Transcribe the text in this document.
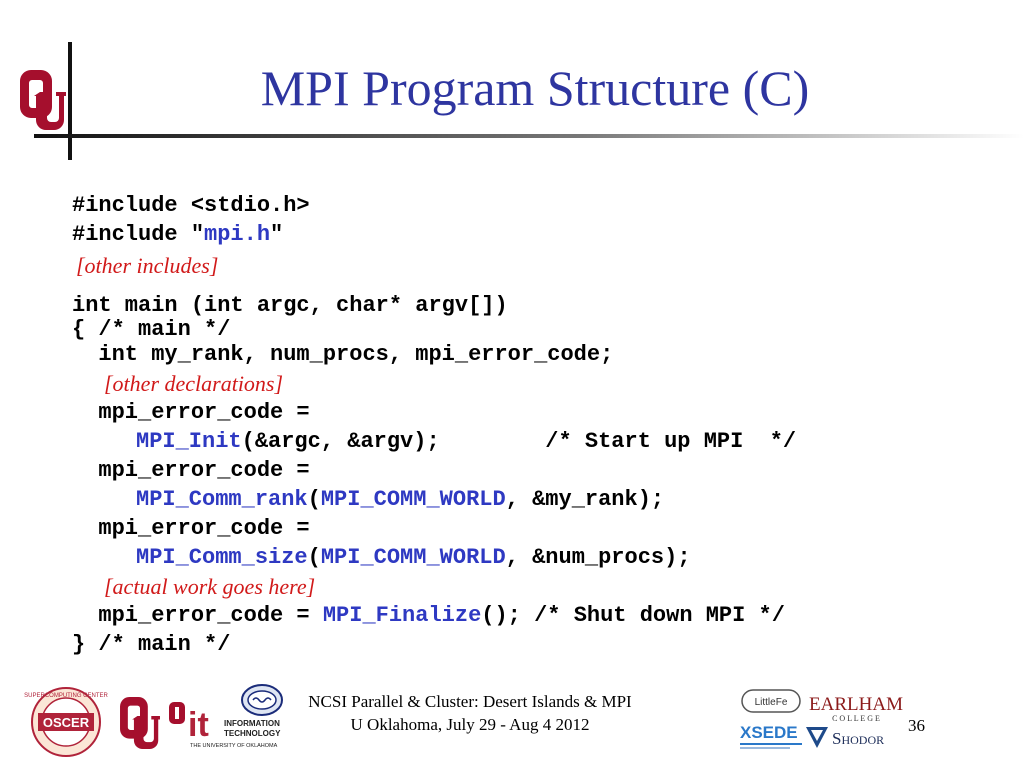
MPI Program Structure (C)
#include <stdio.h>
#include "mpi.h"
[other includes]
int main (int argc, char* argv[])
{ /* main */
int my_rank, num_procs, mpi_error_code;
[other declarations]
mpi_error_code =
MPI_Init(&argc, &argv);        /* Start up MPI  */
mpi_error_code =
MPI_Comm_rank(MPI_COMM_WORLD, &my_rank);
mpi_error_code =
MPI_Comm_size(MPI_COMM_WORLD, &num_procs);
[actual work goes here]
mpi_error_code = MPI_Finalize(); /* Shut down MPI */
} /* main */
OSCER
SUPERCOMPUTING CENTER
it INFORMATION
TECHNOLOGY
THE UNIVERSITY OF OKLAHOMA
NCSI Parallel & Cluster: Desert Islands & MPI
U Oklahoma, July 29 - Aug 4 2012
LittleFe
XSEDE
EARLHAM
C O L L E G E
Shodor
36
